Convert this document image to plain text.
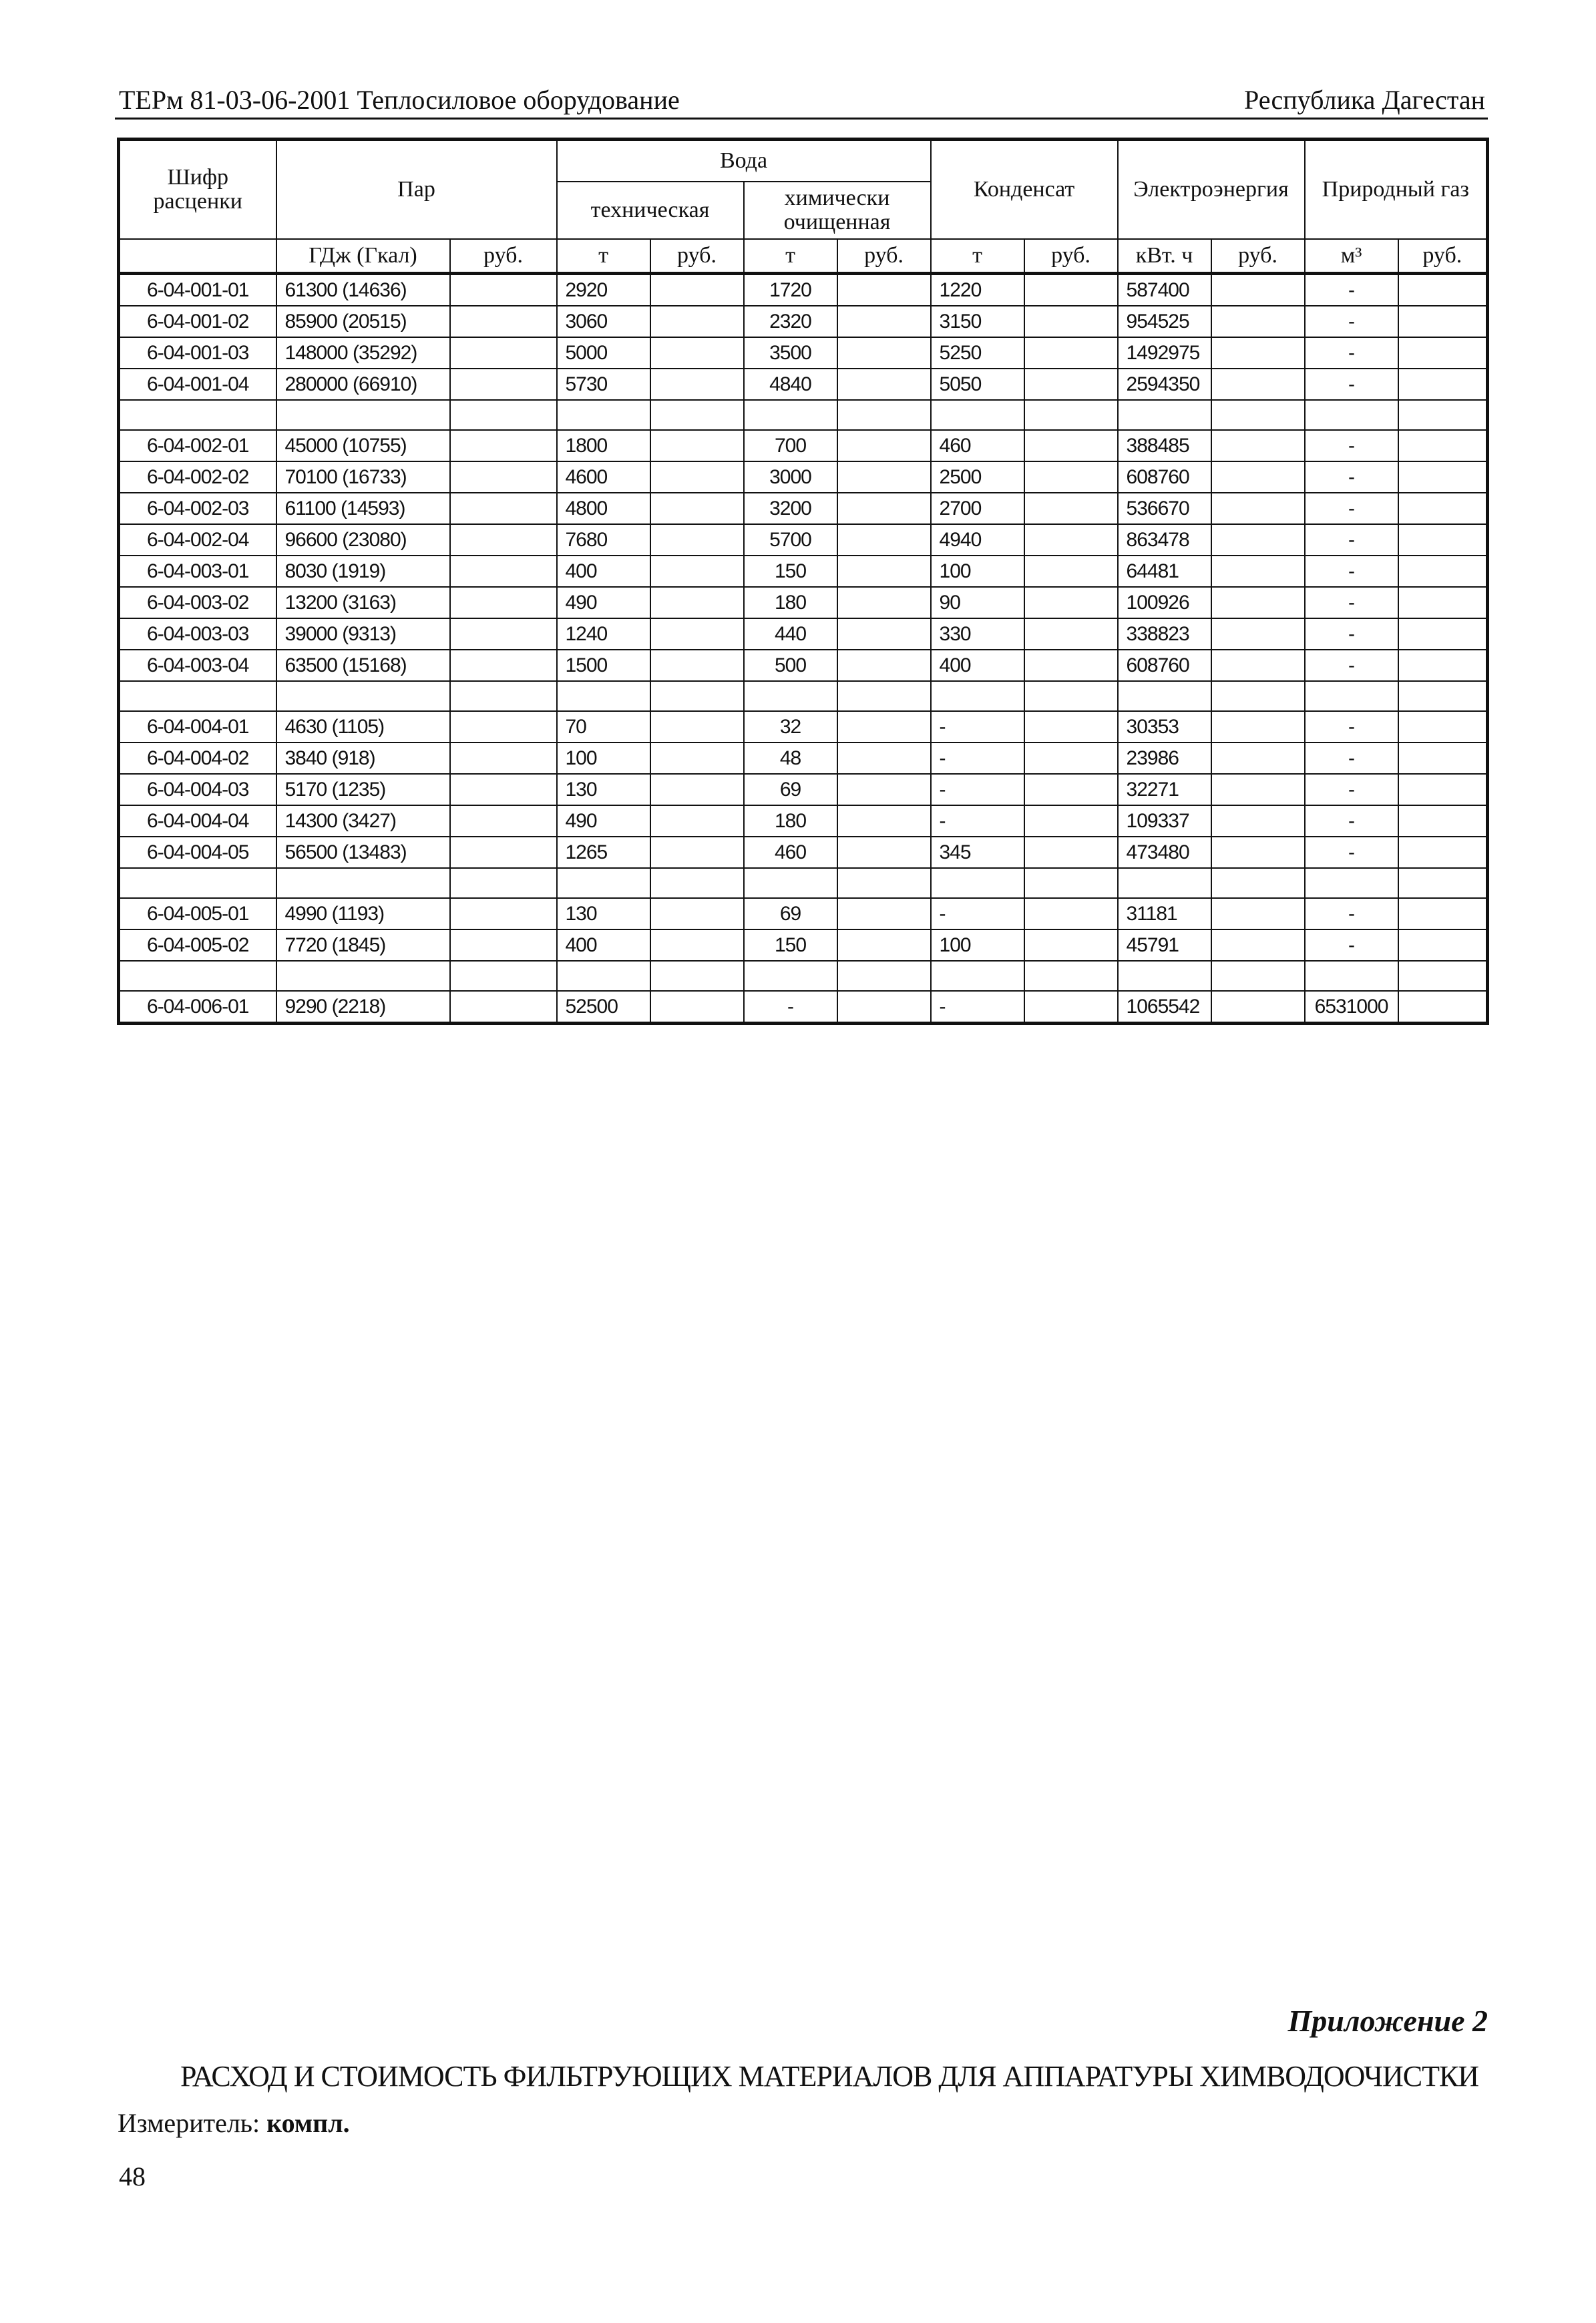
ТЕРм 81-03-06-2001 Теплосиловое оборудование	Республика Дагестан
Шифр расценки	Пар		Вода				Конденсат		Электроэнергия		Природный газ	
			техническая		химически очищенная							
	ГДж (Гкал)	руб.	т	руб.	т	руб.	т	руб.	кВт. ч	руб.	м³	руб.
6-04-001-01	61300 (14636)		2920		1720		1220		587400		-	
6-04-001-02	85900 (20515)		3060		2320		3150		954525		-	
6-04-001-03	148000 (35292)		5000		3500		5250		1492975		-	
6-04-001-04	280000 (66910)		5730		4840		5050		2594350		-	

6-04-002-01	45000 (10755)		1800		700		460		388485		-	
6-04-002-02	70100 (16733)		4600		3000		2500		608760		-	
6-04-002-03	61100 (14593)		4800		3200		2700		536670		-	
6-04-002-04	96600 (23080)		7680		5700		4940		863478		-	
6-04-003-01	8030 (1919)		400		150		100		64481		-	
6-04-003-02	13200 (3163)		490		180		90		100926		-	
6-04-003-03	39000 (9313)		1240		440		330		338823		-	
6-04-003-04	63500 (15168)		1500		500		400		608760		-	

6-04-004-01	4630 (1105)		70		32		-		30353		-	
6-04-004-02	3840 (918)		100		48		-		23986		-	
6-04-004-03	5170 (1235)		130		69		-		32271		-	
6-04-004-04	14300 (3427)		490		180		-		109337		-	
6-04-004-05	56500 (13483)		1265		460		345		473480		-	

6-04-005-01	4990 (1193)		130		69		-		31181		-	
6-04-005-02	7720 (1845)		400		150		100		45791		-	

6-04-006-01	9290 (2218)		52500		-		-		1065542		6531000	
Приложение 2
РАСХОД И СТОИМОСТЬ ФИЛЬТРУЮЩИХ МАТЕРИАЛОВ ДЛЯ АППАРАТУРЫ ХИМВОДООЧИСТКИ
Измеритель: компл.
48
